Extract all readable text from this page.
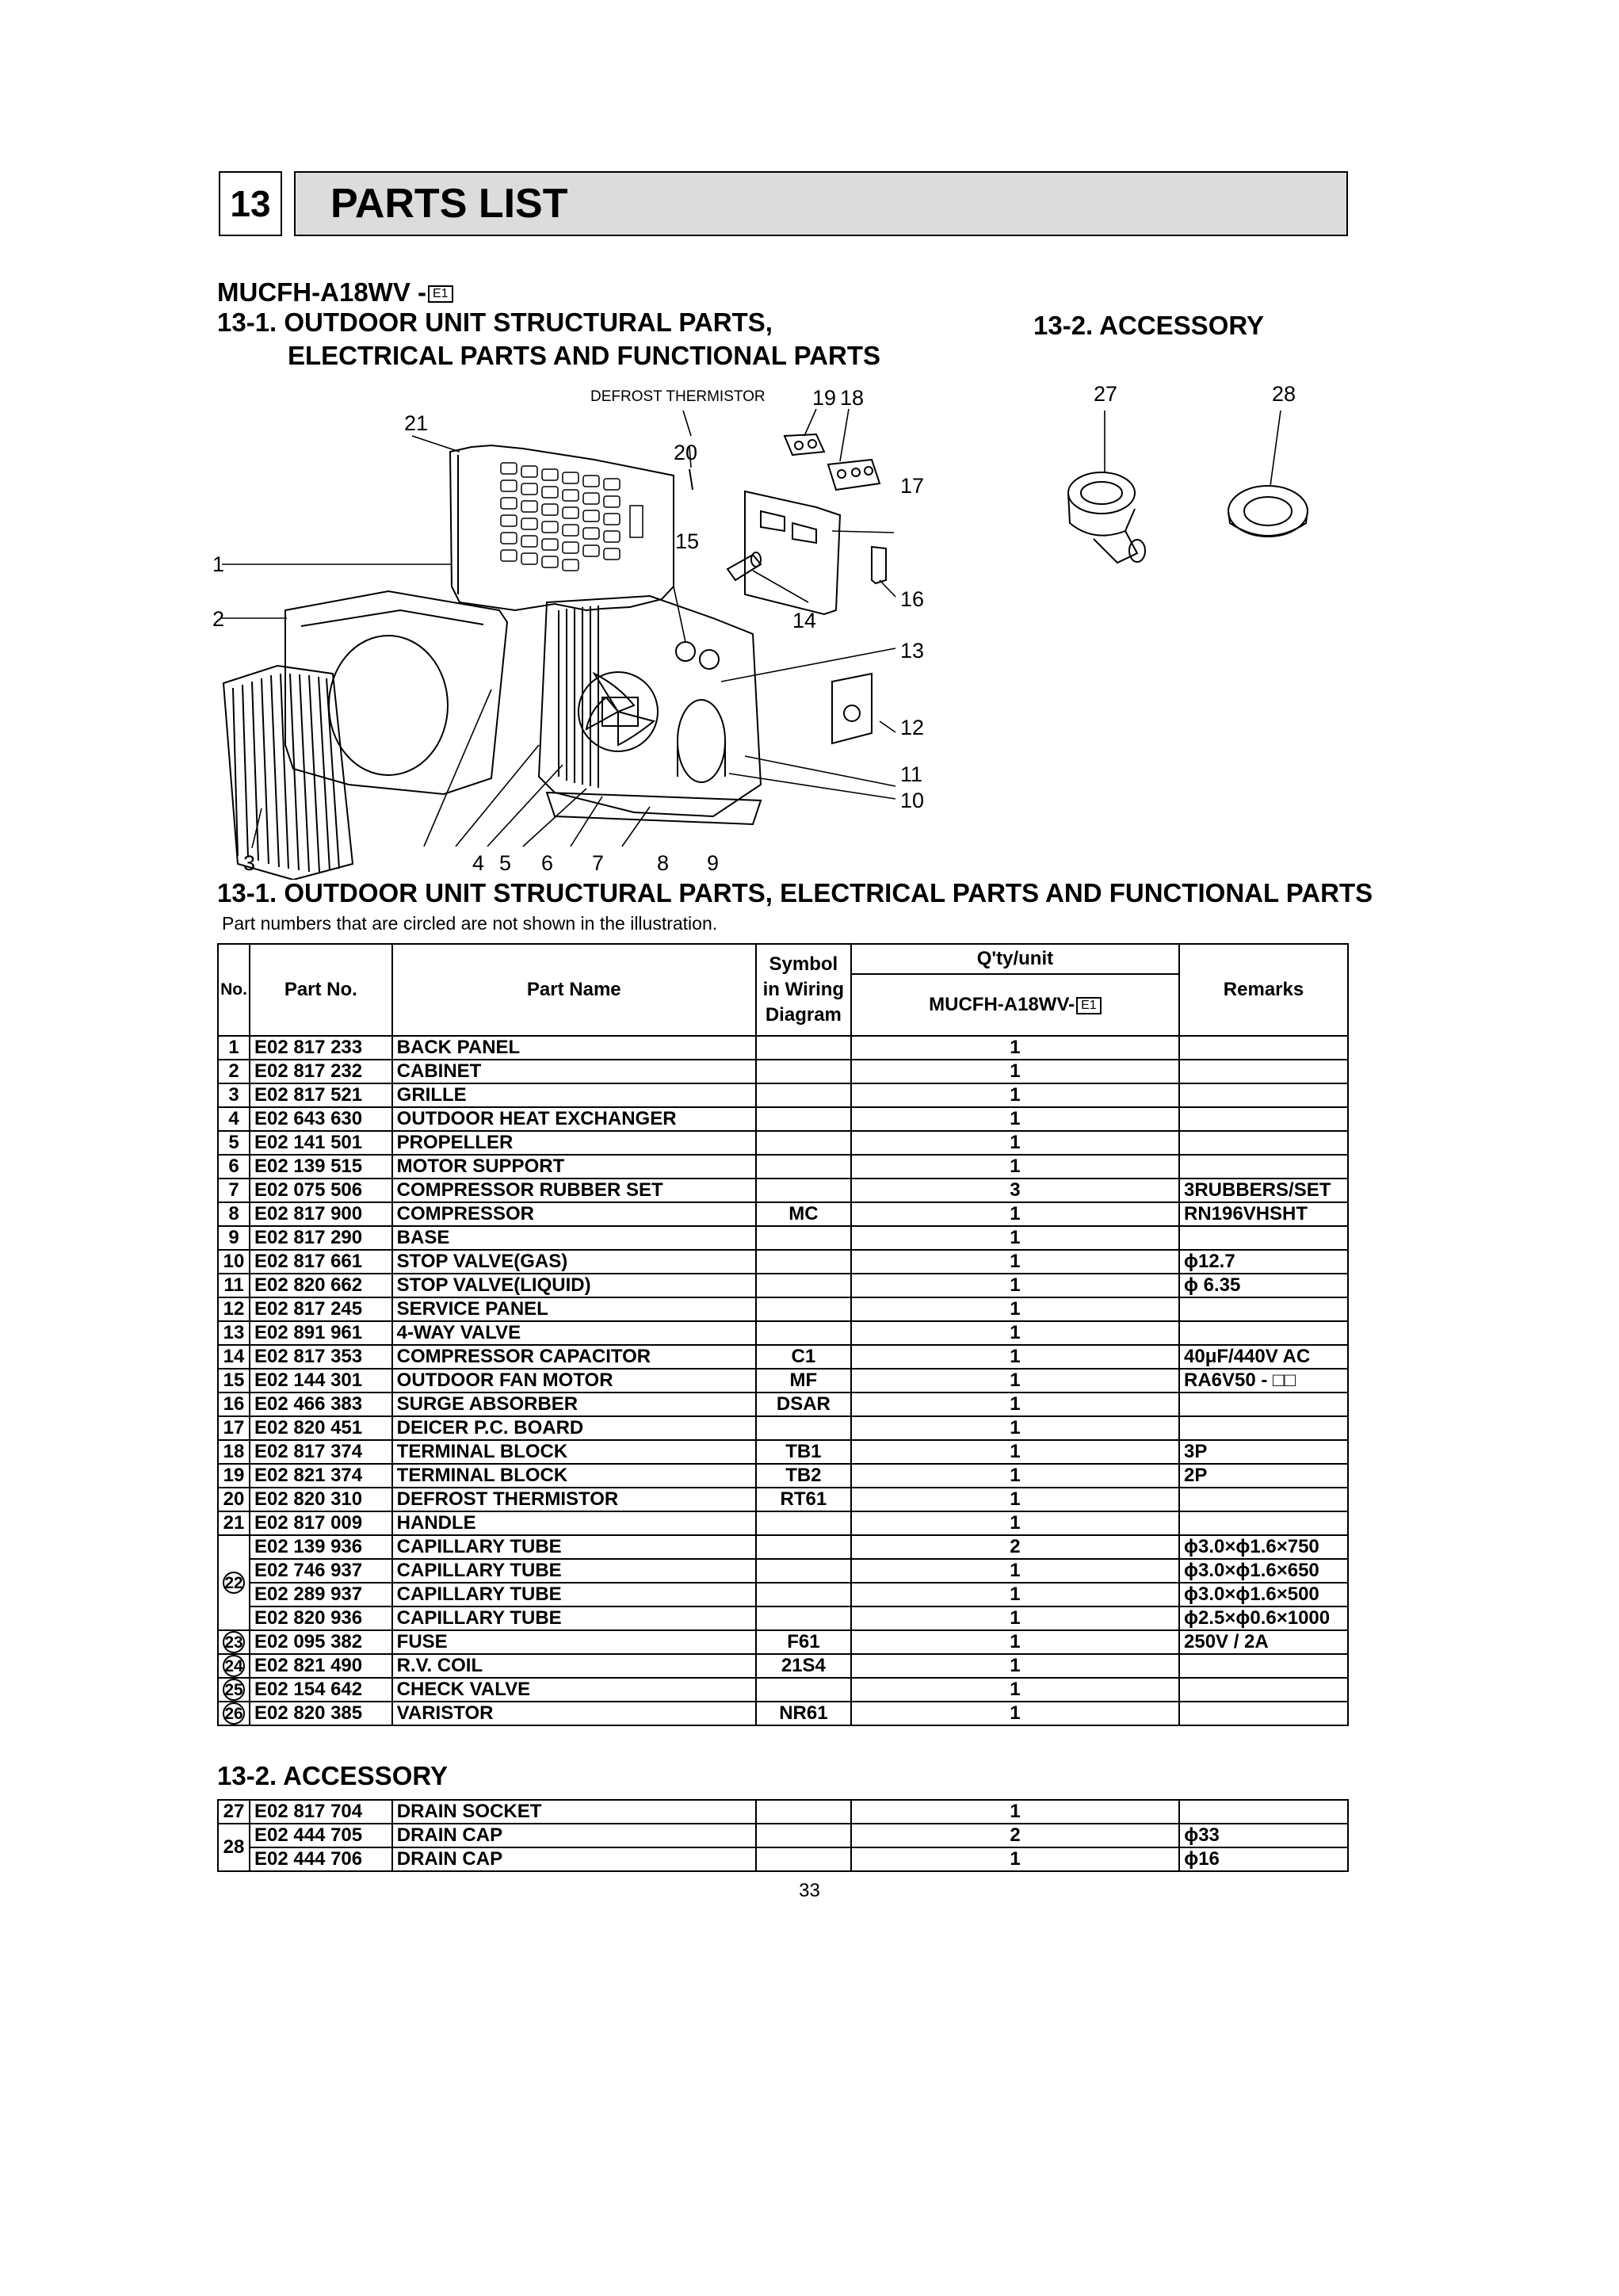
13	PARTS LIST
MUCFH-A18WV - E1
13-1. OUTDOOR UNIT STRUCTURAL PARTS,
ELECTRICAL PARTS AND FUNCTIONAL PARTS
13-2. ACCESSORY
1
2
3	4 5 6 7 8 9
10
11
12
13
14
15
16
17
18
19
20
21
DEFROST THERMISTOR	27	28
13-1. OUTDOOR UNIT STRUCTURAL PARTS, ELECTRICAL PARTS AND FUNCTIONAL PARTS
Part numbers that are circled are not shown in the illustration.
No.	Part No.	Part Name	Symbol
in Wiring
Diagram	Q'ty/unit	Remarks
				MUCFH-A18WV- E1	
1	E02 817 233	BACK PANEL		1	
2	E02 817 232	CABINET		1	
3	E02 817 521	GRILLE		1	
4	E02 643 630	OUTDOOR HEAT EXCHANGER		1	
5	E02 141 501	PROPELLER		1	
6	E02 139 515	MOTOR SUPPORT		1	
7	E02 075 506	COMPRESSOR RUBBER SET		3	3RUBBERS/SET
8	E02 817 900	COMPRESSOR	MC	1	RN196VHSHT
9	E02 817 290	BASE		1	
10	E02 817 661	STOP VALVE(GAS)		1	ϕ12.7
11	E02 820 662	STOP VALVE(LIQUID)		1	ϕ 6.35
12	E02 817 245	SERVICE PANEL		1	
13	E02 891 961	4-WAY VALVE		1	
14	E02 817 353	COMPRESSOR CAPACITOR	C1	1	40μF/440V AC
15	E02 144 301	OUTDOOR FAN MOTOR	MF	1	RA6V50 - □□
16	E02 466 383	SURGE ABSORBER	DSAR	1	
17	E02 820 451	DEICER P.C. BOARD		1	
18	E02 817 374	TERMINAL BLOCK	TB1	1	3P
19	E02 821 374	TERMINAL BLOCK	TB2	1	2P
20	E02 820 310	DEFROST THERMISTOR	RT61	1	
21	E02 817 009	HANDLE		1	
22	E02 139 936	CAPILLARY TUBE		2	ϕ3.0×ϕ1.6×750
	E02 746 937	CAPILLARY TUBE		1	ϕ3.0×ϕ1.6×650
	E02 289 937	CAPILLARY TUBE		1	ϕ3.0×ϕ1.6×500
	E02 820 936	CAPILLARY TUBE		1	ϕ2.5×ϕ0.6×1000
23	E02 095 382	FUSE	F61	1	250V / 2A
24	E02 821 490	R.V. COIL	21S4	1	
25	E02 154 642	CHECK VALVE		1	
26	E02 820 385	VARISTOR	NR61	1	
13-2. ACCESSORY
27	E02 817 704	DRAIN SOCKET		1	
28	E02 444 705	DRAIN CAP		2	ϕ33
	E02 444 706	DRAIN CAP		1	ϕ16
33
